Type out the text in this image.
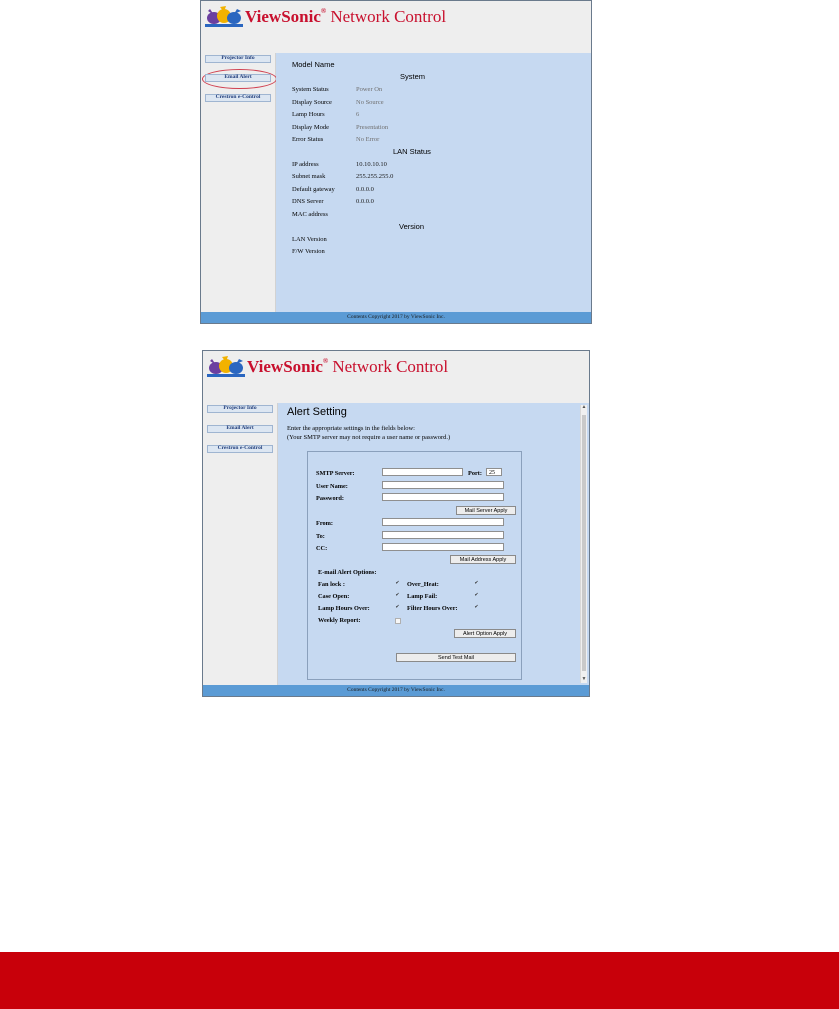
ViewSonic® Network Control
Projector Info
Email Alert
Crestron e-Control
Model Name
System
System Status	Power On
Display Source	No Source
Lamp Hours	6
Display Mode	Presentation
Error Status	No Error
LAN Status
IP address	10.10.10.10
Subnet mask	255.255.255.0
Default gateway	0.0.0.0
DNS Server	0.0.0.0
MAC address
Version
LAN Version
F/W Version
Contents Copyright 2017 by ViewSonic Inc.
ViewSonic® Network Control
Projector Info
Email Alert
Crestron e-Control
Alert Setting
Enter the appropriate settings in the fields below:
(Your SMTP server may not require a user name or password.)
SMTP Server:	Port:	25
User Name:
Password:
Mail Server Apply
From:
To:
CC:
Mail Address Apply
E-mail Alert Options:
Fan lock :	✔ Over_Heat:	✔
Case Open:	✔ Lamp Fail:	✔
Lamp Hours Over:	✔ Filter Hours Over:	✔
Weekly Report:
Alert Option Apply
Send Test Mail
▲
▼
Contents Copyright 2017 by ViewSonic Inc.
